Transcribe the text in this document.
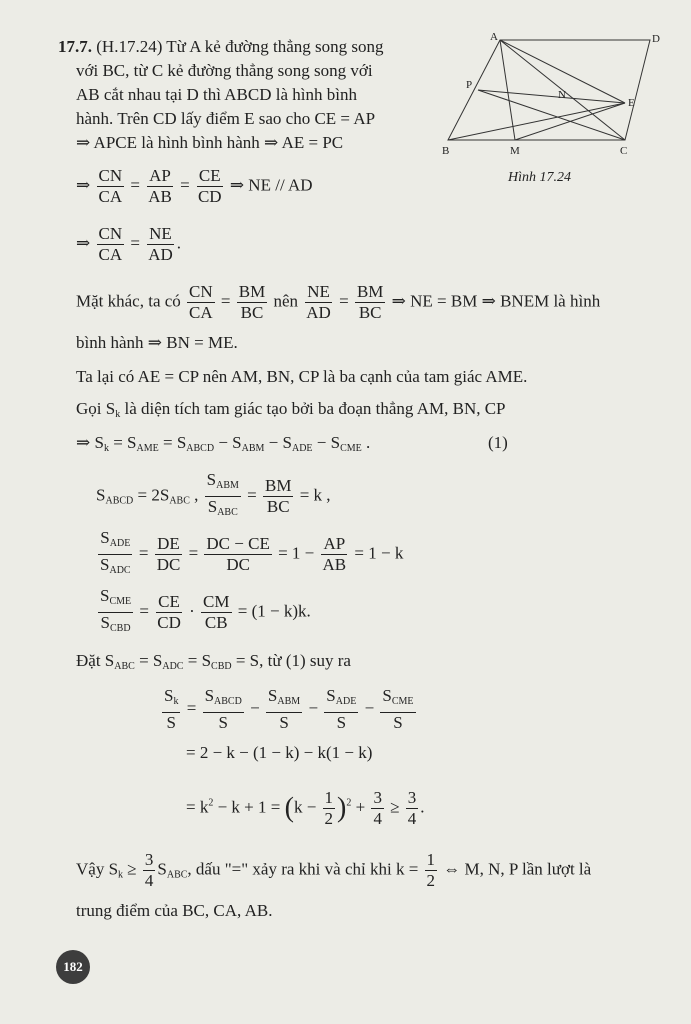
17.7. (H.17.24) Từ A kẻ đường thẳng song song
với BC, từ C kẻ đường thẳng song song với
AB cắt nhau tại D thì ABCD là hình bình
hành. Trên CD lấy điểm E sao cho CE = AP
⇒ APCE là hình bình hành ⇒ AE = PC
A	D
P
N
E
B	M	C
Hình 17.24
⇒ $\frac{CN}{CA} = \frac{AP}{AB} = \frac{CE}{CD}$ ⇒ NE // AD
⇒ $\frac{CN}{CA} = \frac{NE}{AD}$ .
Mặt khác, ta có $\frac{CN}{CA} = \frac{BM}{BC}$ nên $\frac{NE}{AD} = \frac{BM}{BC}$ ⇒ NE = BM ⇒ BNEM là hình
bình hành ⇒ BN = ME.
Ta lại có AE = CP nên AM, BN, CP là ba cạnh của tam giác AME.
Gọi $S_k$ là diện tích tam giác tạo bởi ba đoạn thẳng AM, BN, CP
⇒ $S_k = S_{AME} = S_{ABCD} - S_{ABM} - S_{ADE} - S_{CME}$ .	(1)
$S_{ABCD} = 2S_{ABC}$ , $\frac{S_{ABM}}{S_{ABC}} = \frac{BM}{BC} = k$ ,
$\frac{S_{ADE}}{S_{ADC}} = \frac{DE}{DC} = \frac{DC - CE}{DC} = 1 - \frac{AP}{AB} = 1 - k$
$\frac{S_{CME}}{S_{CBD}} = \frac{CE}{CD} \cdot \frac{CM}{CB} = (1 - k)k$.
Đặt $S_{ABC} = S_{ADC} = S_{CBD} = S$, từ (1) suy ra
$\frac{S_k}{S} = \frac{S_{ABCD}}{S} - \frac{S_{ABM}}{S} - \frac{S_{ADE}}{S} - \frac{S_{CME}}{S}$
= 2 − k − (1 − k) − k(1 − k)
= $k^2 - k + 1 = (k - \frac{1}{2} )^2 + \frac{3}{4} \ge \frac{3}{4}$ .
Vậy $S_k \ge \frac{3}{4} S_{ABC}$, dấu "=" xảy ra khi và chỉ khi $k = \frac{1}{2}$ ⇔ M, N, P lần lượt là
trung điểm của BC, CA, AB.
182
